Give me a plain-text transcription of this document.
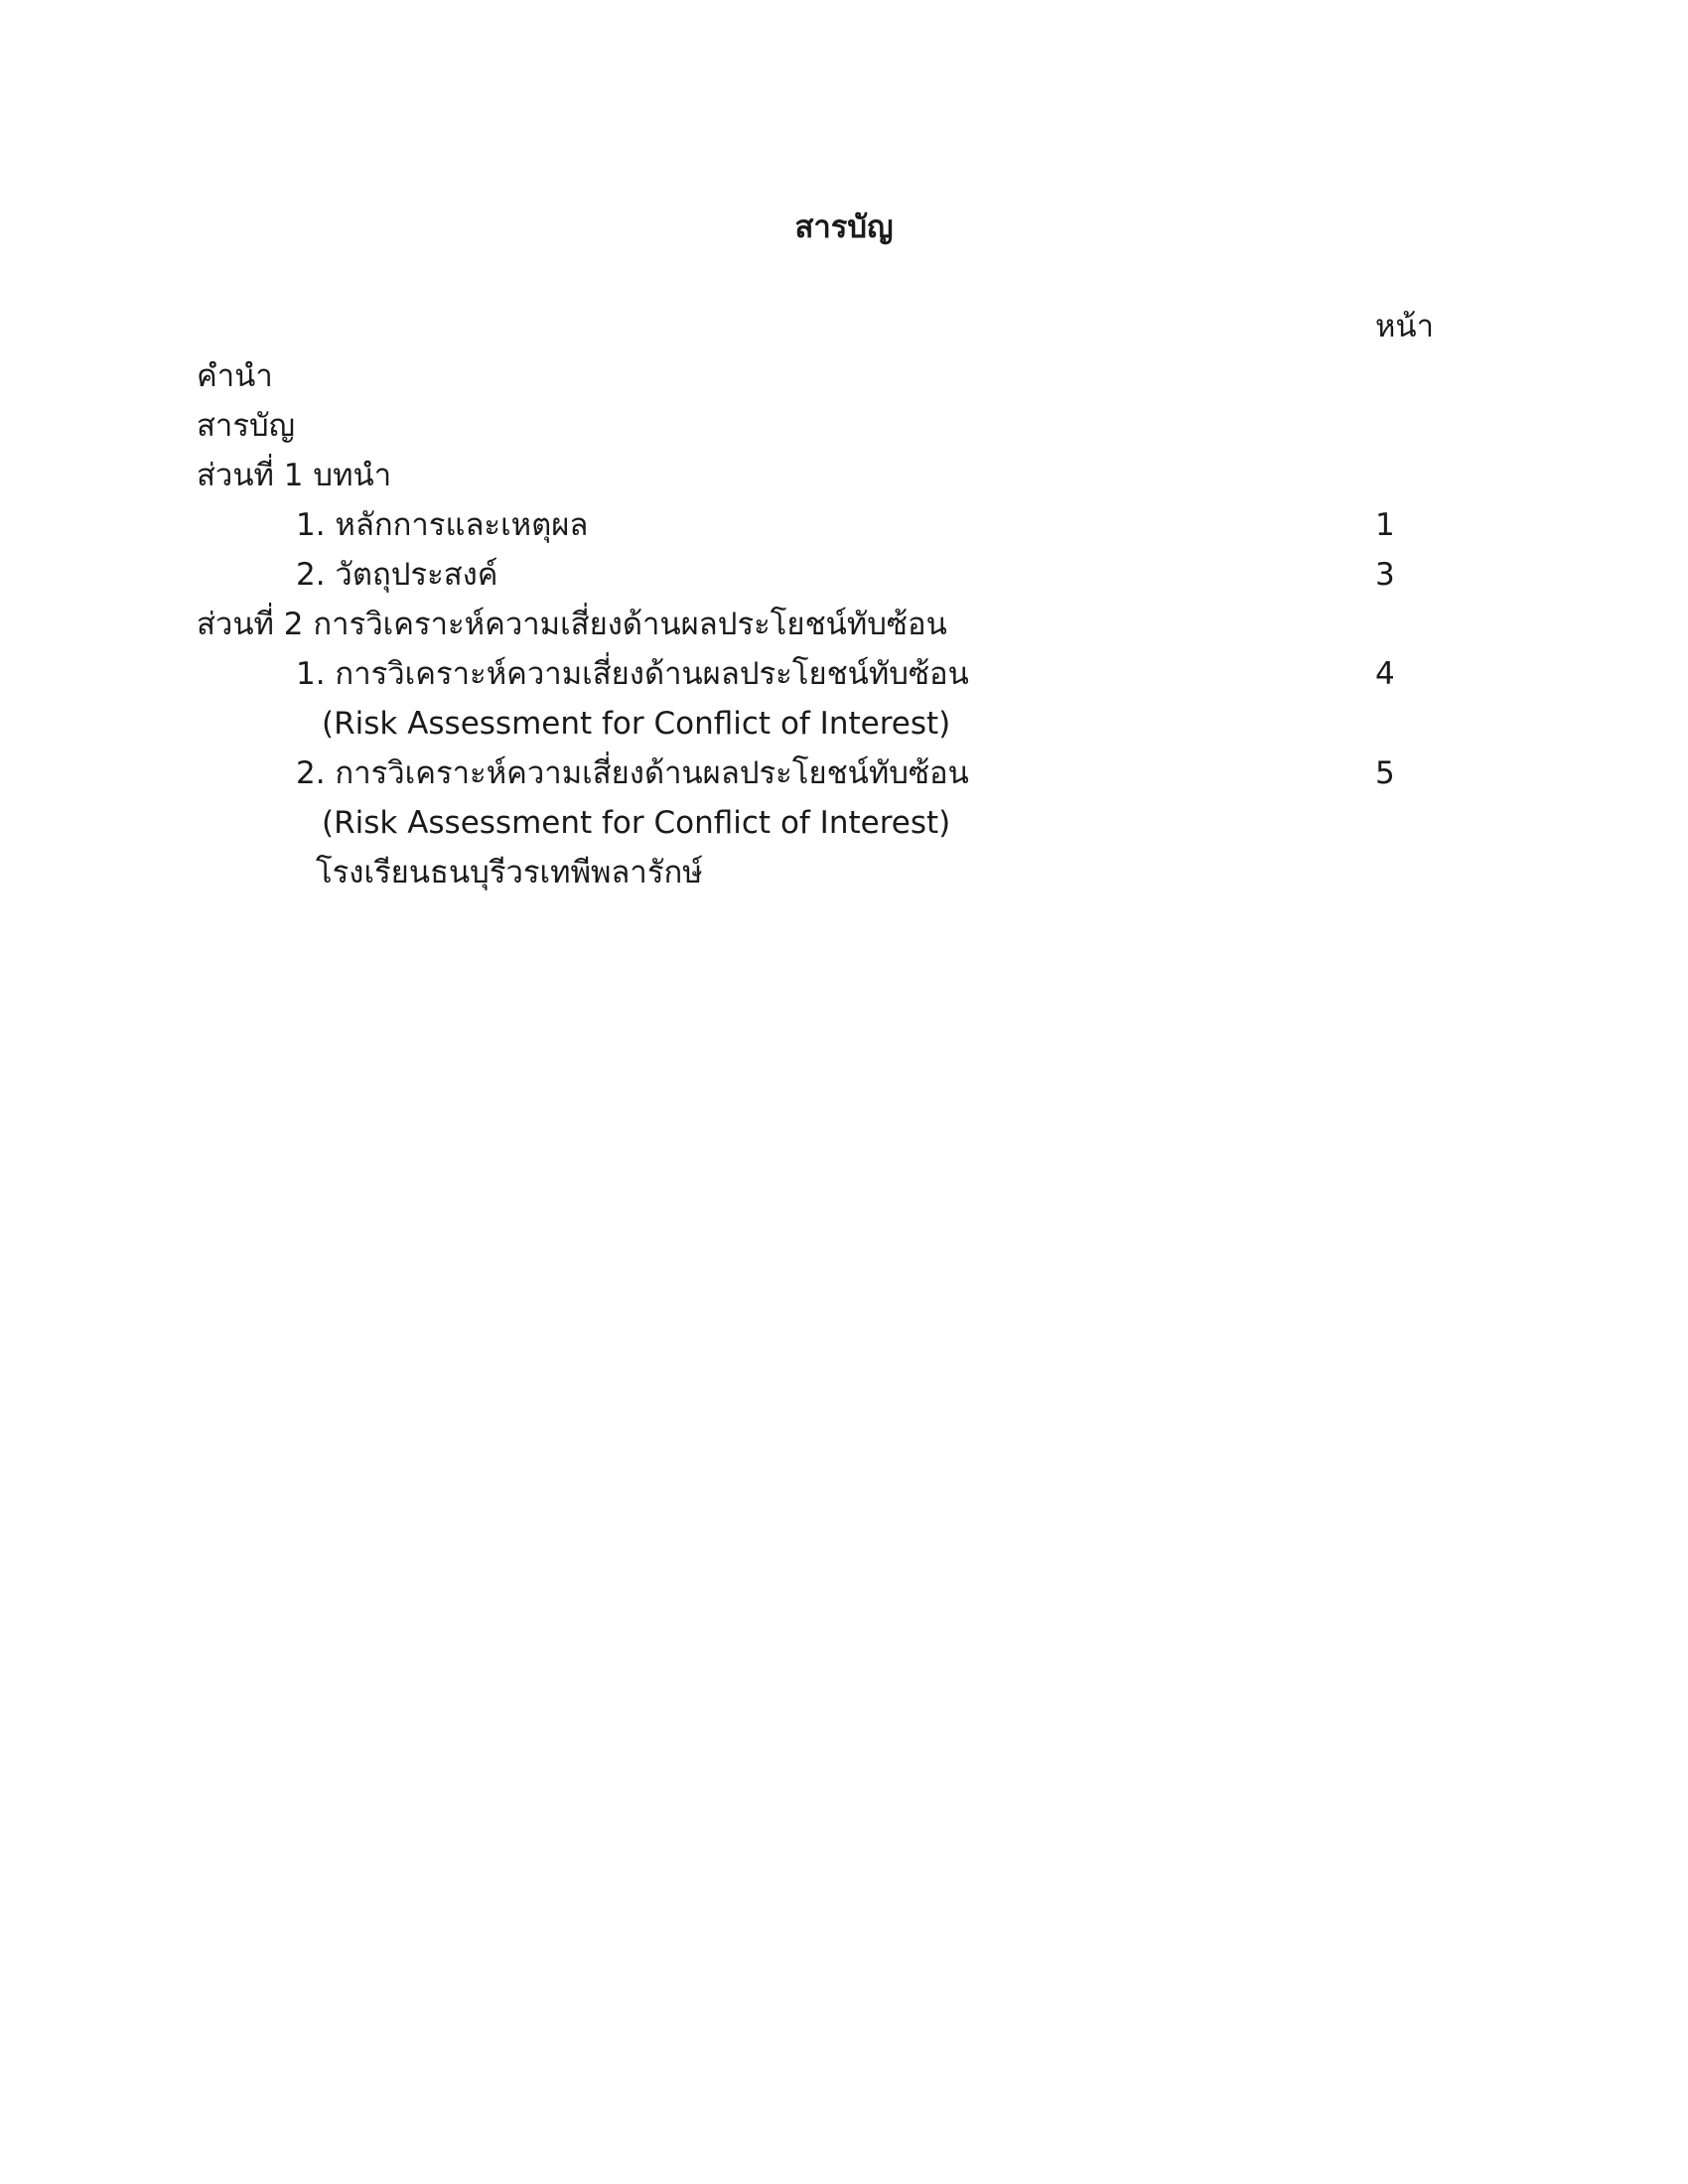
สารบัญ
หน้า
คำนำ
สารบัญ
ส่วนที่ 1 บทนำ
1. หลักการและเหตุผล	1
2. วัตถุประสงค์	3
ส่วนที่ 2 การวิเคราะห์ความเสี่ยงด้านผลประโยชน์ทับซ้อน
1. การวิเคราะห์ความเสี่ยงด้านผลประโยชน์ทับซ้อน	4
(Risk Assessment for Conflict of Interest)
2. การวิเคราะห์ความเสี่ยงด้านผลประโยชน์ทับซ้อน	5
(Risk Assessment for Conflict of Interest)
โรงเรียนธนบุรีวรเทพีพลารักษ์
